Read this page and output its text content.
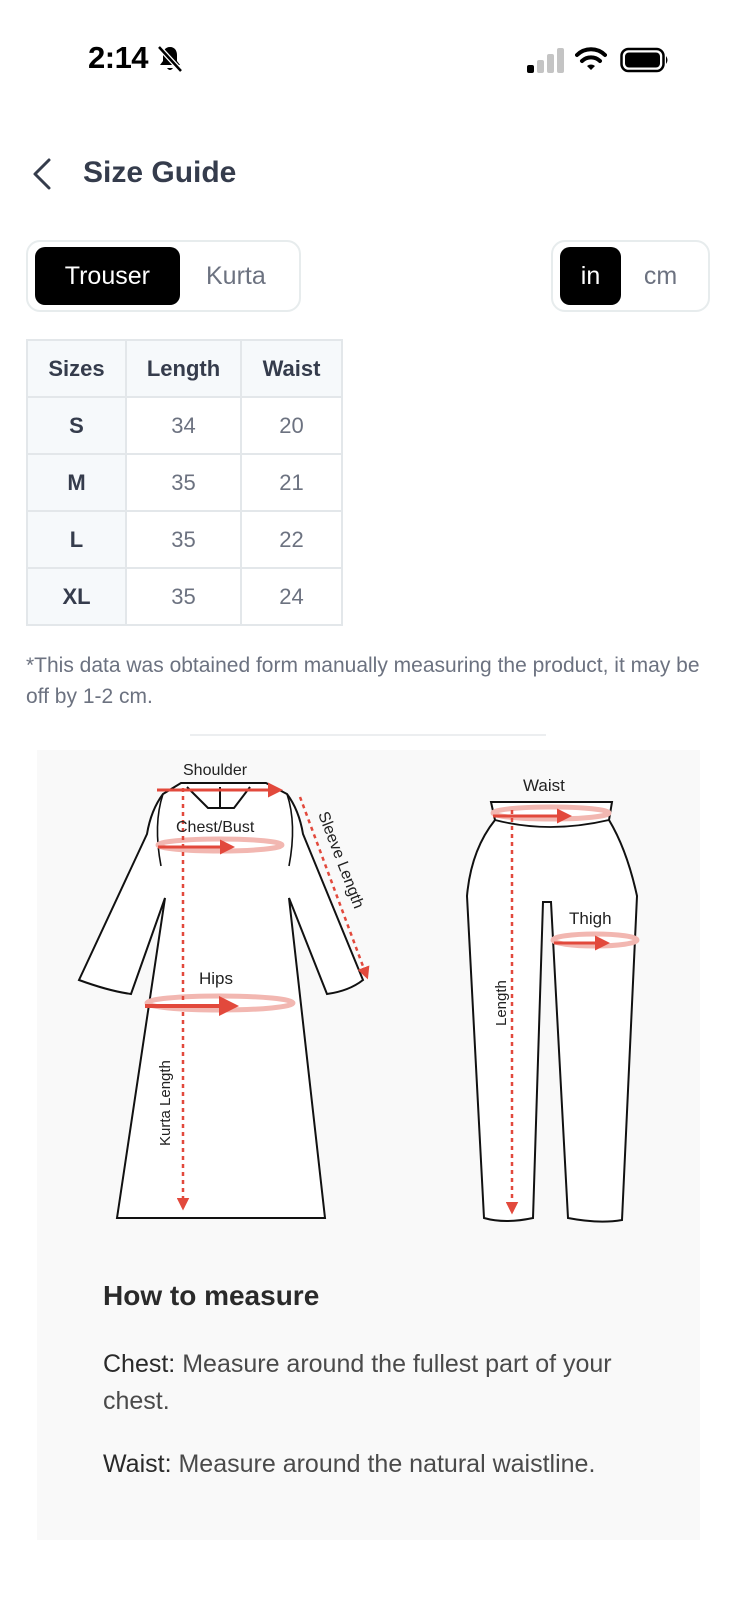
2:14
Size Guide
Trouser	Kurta	in	cm
Sizes	Length	Waist
S	34	20
M	35	21
L	35	22
XL	35	24
*This data was obtained form manually measuring the product, it may be off by 1-2 cm.
Shoulder
Chest/Bust	Sleeve Length
Hips
Kurta Length
Waist
Thigh
Length
How to measure
Chest: Measure around the fullest part of your chest.
Waist: Measure around the natural waistline.
